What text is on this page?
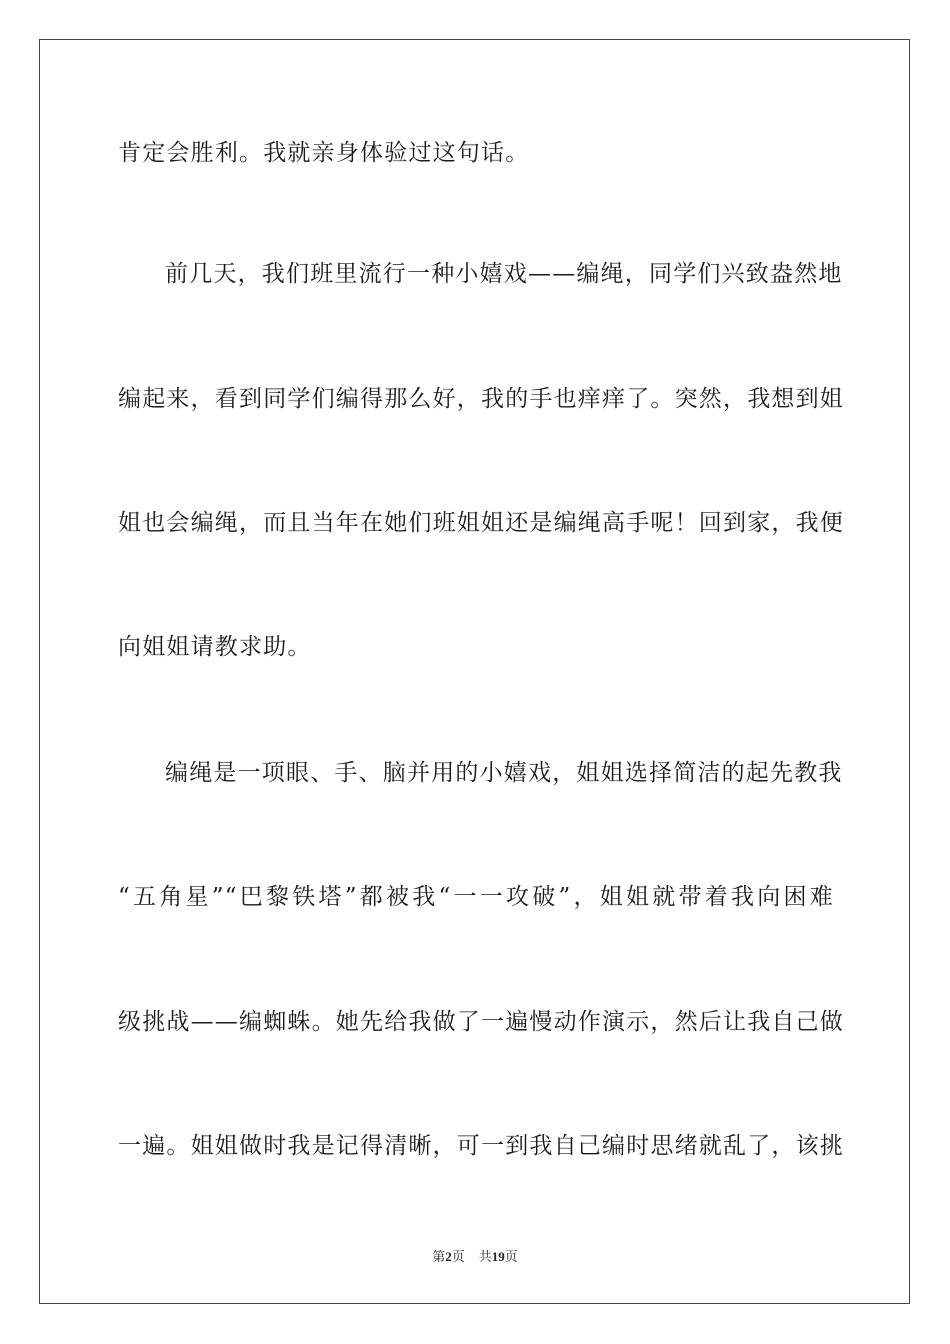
肯定会胜利。我就亲身体验过这句话。
前几天，我们班里流行一种小嬉戏——编绳，同学们兴致盎然地
编起来，看到同学们编得那么好，我的手也痒痒了。突然，我想到姐
姐也会编绳，而且当年在她们班姐姐还是编绳高手呢！回到家，我便
向姐姐请教求助。
编绳是一项眼、手、脑并用的小嬉戏，姐姐选择简洁的起先教我
“五角星”“巴黎铁塔”都被我“一一攻破”，姐姐就带着我向困难
级挑战——编蜘蛛。她先给我做了一遍慢动作演示，然后让我自己做
一遍。姐姐做时我是记得清晰，可一到我自己编时思绪就乱了，该挑
第2页 共19页
